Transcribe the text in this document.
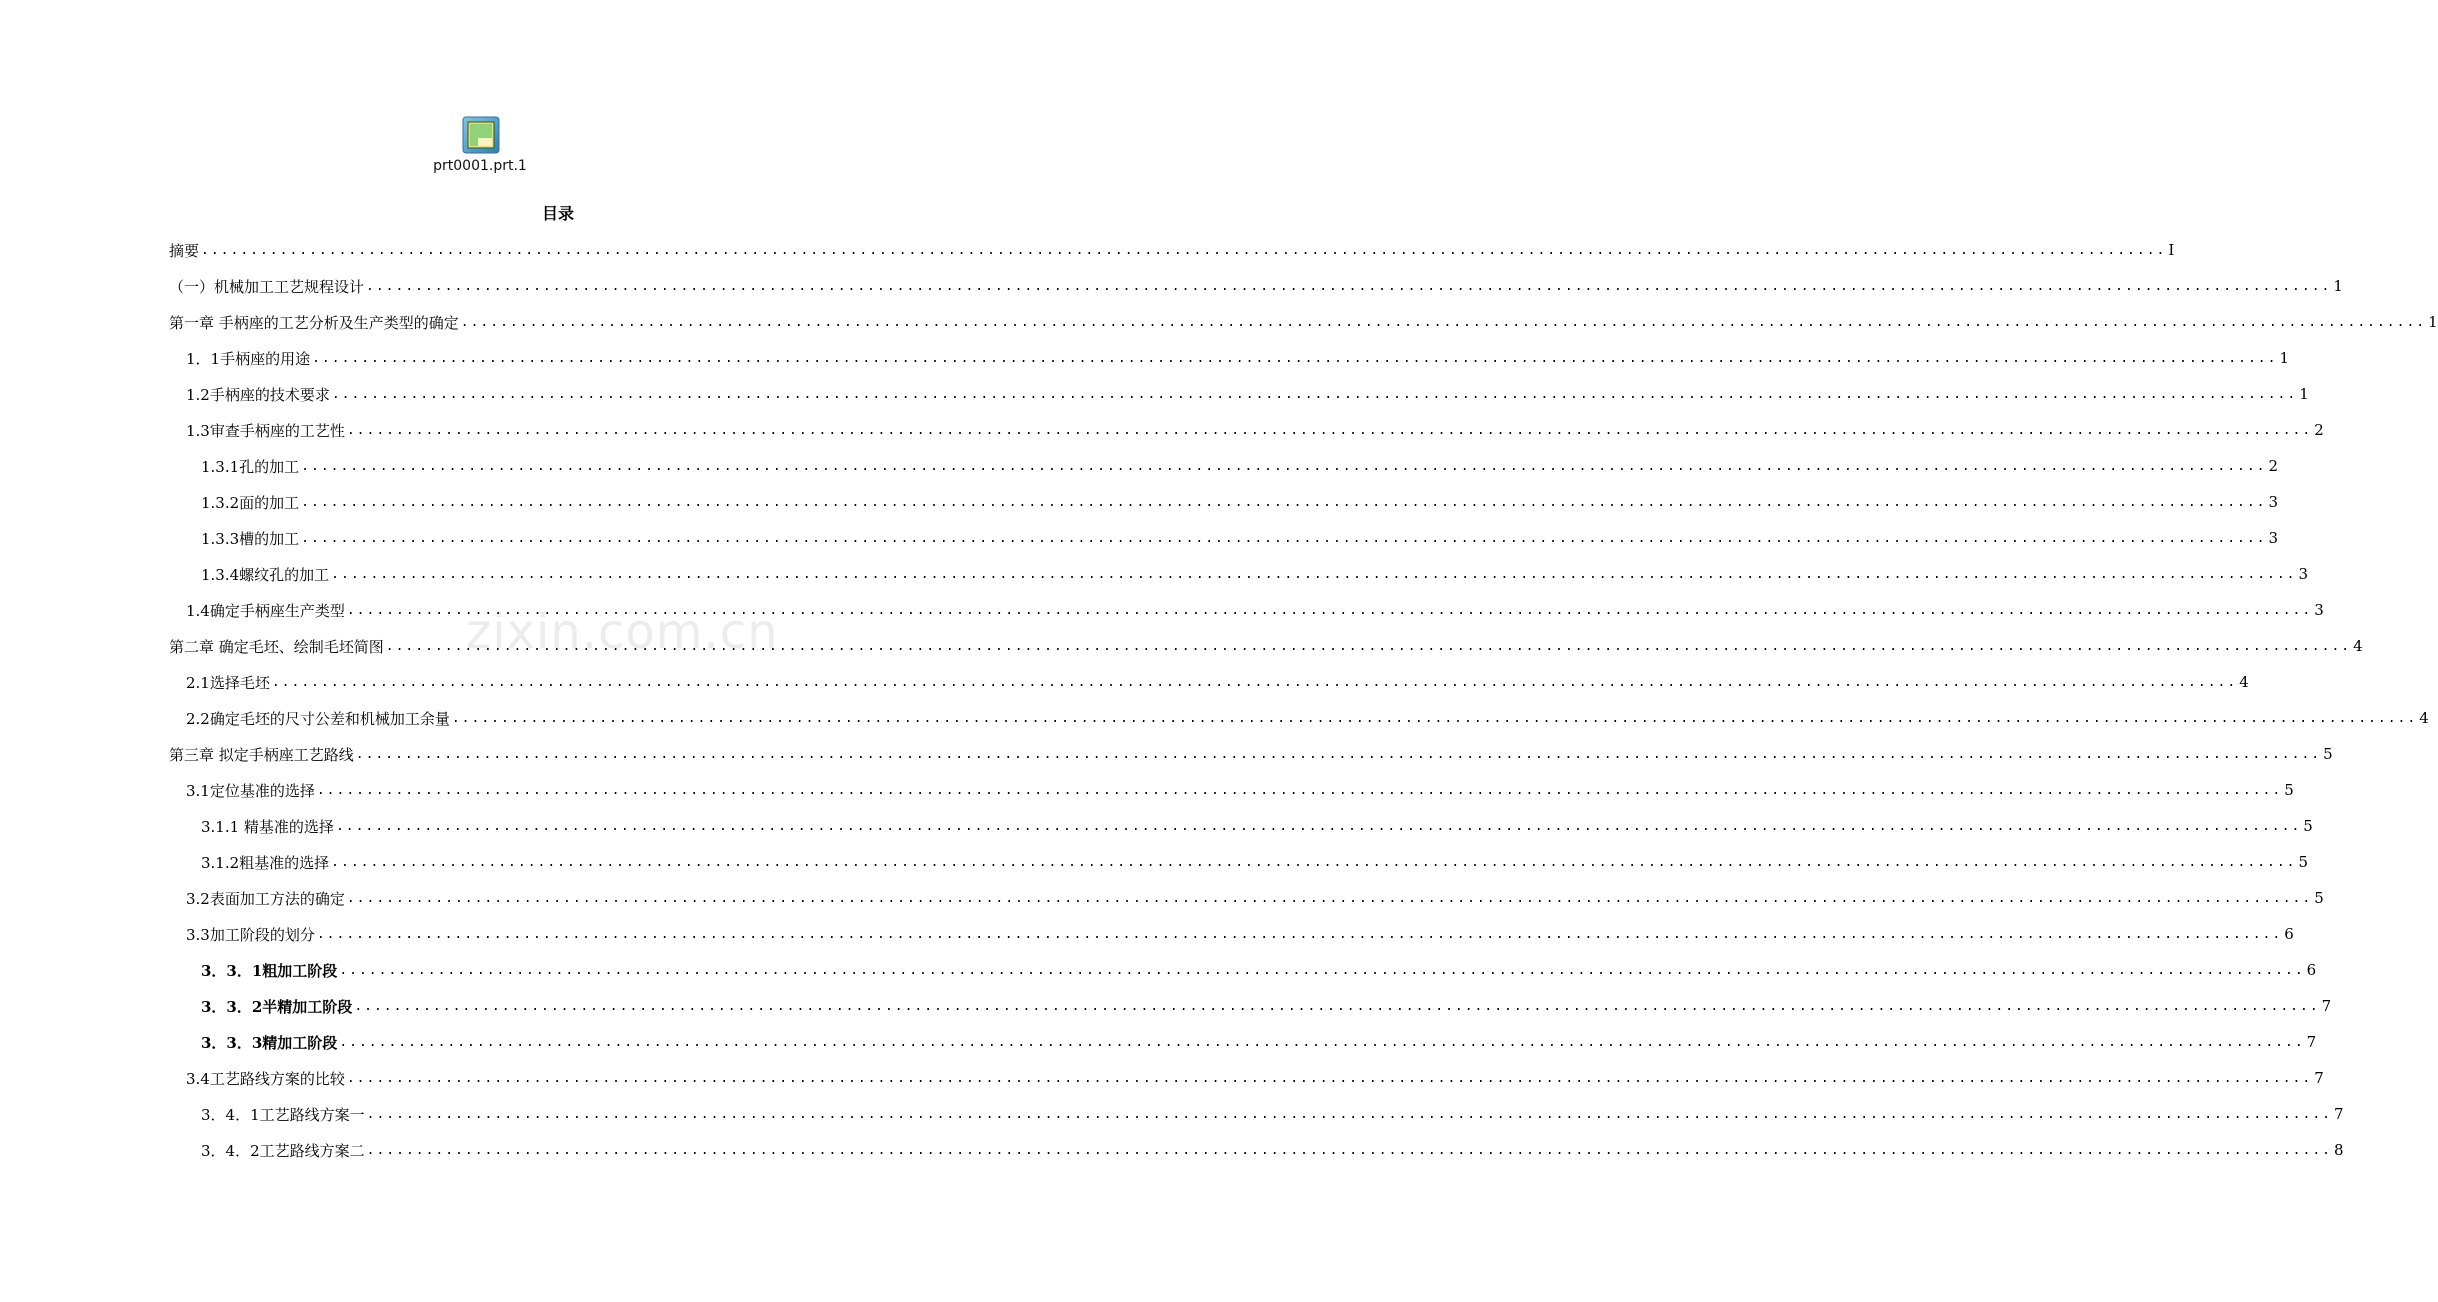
prt0001.prt.1
目录
zixin.com.cn
摘要 ........................................................................................................................................................................................................ I
（一）机械加工工艺规程设计 ........................................................................................................................................................................................................ 1
第一章 手柄座的工艺分析及生产类型的确定 ........................................................................................................................................................................................................ 1
1．1手柄座的用途 ........................................................................................................................................................................................................ 1
1.2手柄座的技术要求 ........................................................................................................................................................................................................ 1
1.3审查手柄座的工艺性 ........................................................................................................................................................................................................ 2
1.3.1孔的加工 ........................................................................................................................................................................................................ 2
1.3.2面的加工 ........................................................................................................................................................................................................ 3
1.3.3槽的加工 ........................................................................................................................................................................................................ 3
1.3.4螺纹孔的加工 ........................................................................................................................................................................................................ 3
1.4确定手柄座生产类型 ........................................................................................................................................................................................................ 3
第二章 确定毛坯、绘制毛坯简图 ........................................................................................................................................................................................................ 4
2.1选择毛坯 ........................................................................................................................................................................................................ 4
2.2确定毛坯的尺寸公差和机械加工余量 ........................................................................................................................................................................................................ 4
第三章 拟定手柄座工艺路线 ........................................................................................................................................................................................................ 5
3.1定位基准的选择 ........................................................................................................................................................................................................ 5
3.1.1 精基准的选择 ........................................................................................................................................................................................................ 5
3.1.2粗基准的选择 ........................................................................................................................................................................................................ 5
3.2表面加工方法的确定 ........................................................................................................................................................................................................ 5
3.3加工阶段的划分 ........................................................................................................................................................................................................ 6
3．3．1粗加工阶段 ........................................................................................................................................................................................................ 6
3．3．2半精加工阶段 ........................................................................................................................................................................................................ 7
3．3．3精加工阶段 ........................................................................................................................................................................................................ 7
3.4工艺路线方案的比较 ........................................................................................................................................................................................................ 7
3．4．1工艺路线方案一 ........................................................................................................................................................................................................ 7
3．4．2工艺路线方案二 ........................................................................................................................................................................................................ 8
